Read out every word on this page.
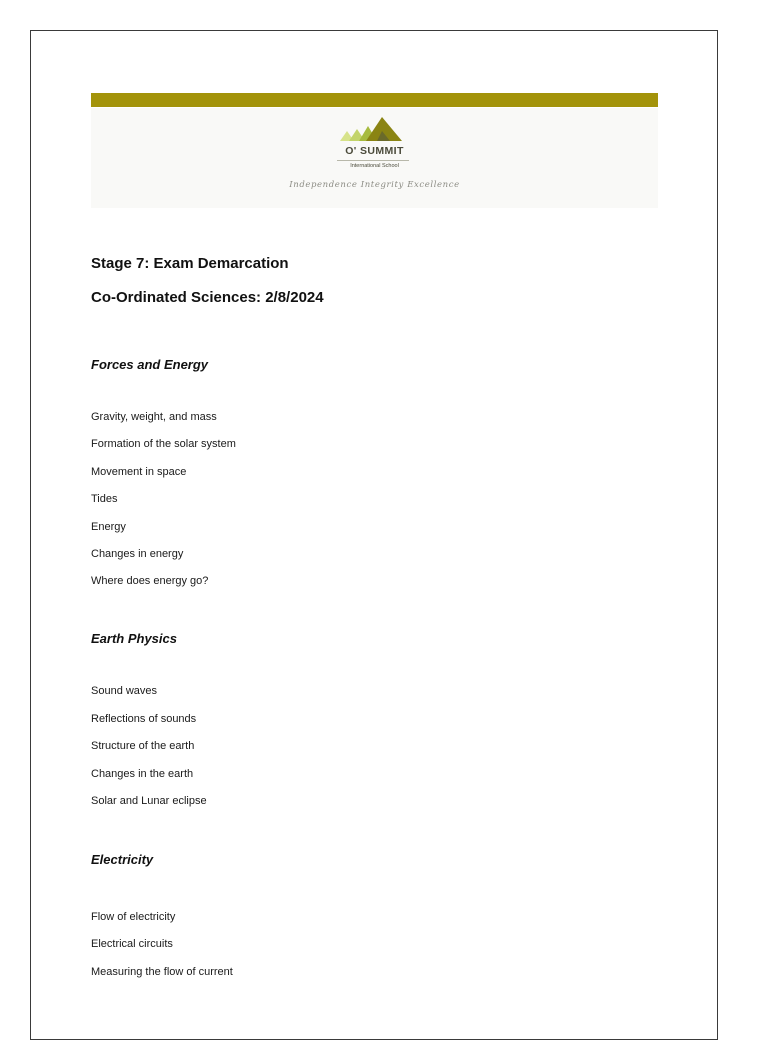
O' SUMMIT
International School
Independence Integrity Excellence
Stage 7: Exam Demarcation
Co-Ordinated Sciences: 2/8/2024
Forces and Energy
Gravity, weight, and mass
Formation of the solar system
Movement in space
Tides
Energy
Changes in energy
Where does energy go?
Earth Physics
Sound waves
Reflections of sounds
Structure of the earth
Changes in the earth
Solar and Lunar eclipse
Electricity
Flow of electricity
Electrical circuits
Measuring the flow of current
